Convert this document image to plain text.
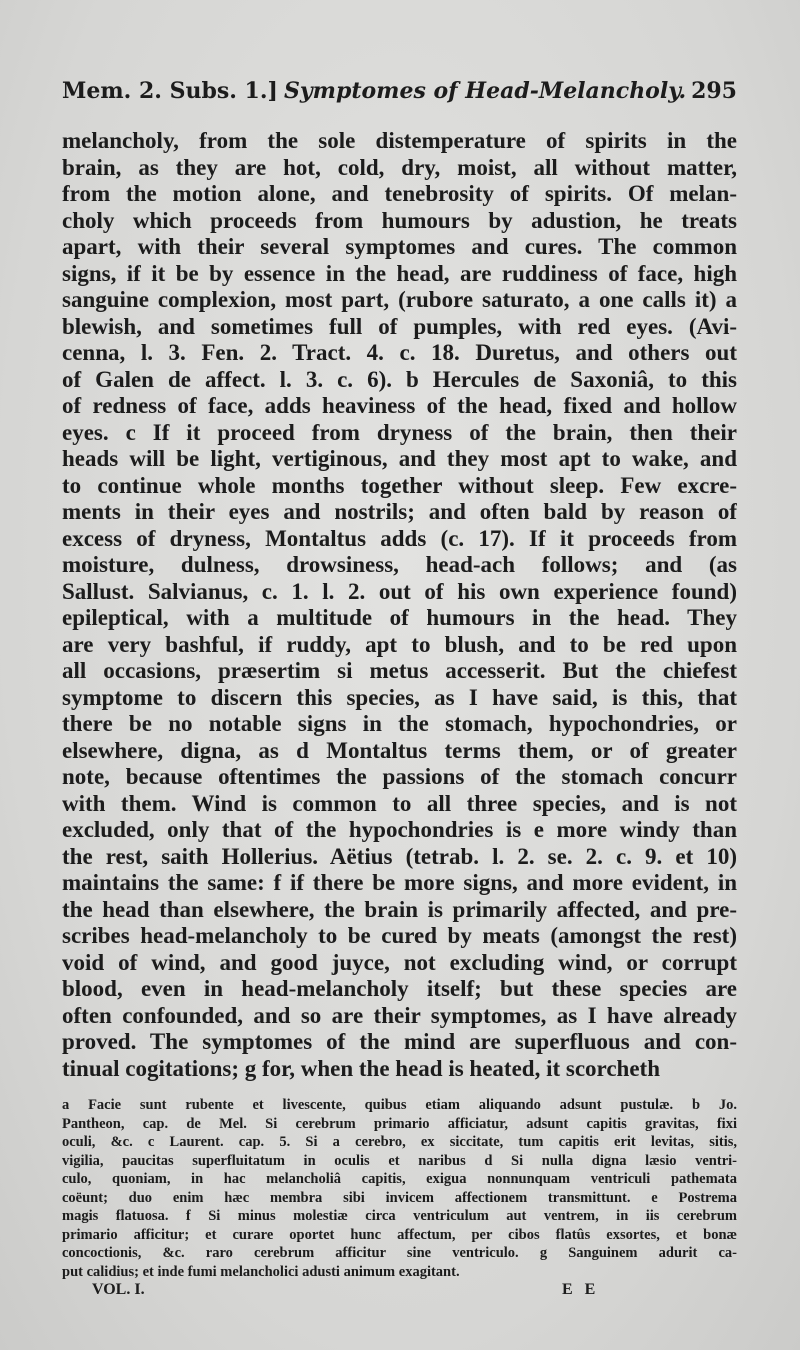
Mem. 2. Subs. 1.] Symptomes of Head-Melancholy. 295
melancholy, from the sole distemperature of spirits in the
brain, as they are hot, cold, dry, moist, all without matter,
from the motion alone, and tenebrosity of spirits. Of melan-
choly which proceeds from humours by adustion, he treats
apart, with their several symptomes and cures. The common
signs, if it be by essence in the head, are ruddiness of face, high
sanguine complexion, most part, (rubore saturato, a one calls it) a
blewish, and sometimes full of pumples, with red eyes. (Avi-
cenna, l. 3. Fen. 2. Tract. 4. c. 18. Duretus, and others out
of Galen de affect. l. 3. c. 6). b Hercules de Saxoniâ, to this
of redness of face, adds heaviness of the head, fixed and hollow
eyes. c If it proceed from dryness of the brain, then their
heads will be light, vertiginous, and they most apt to wake, and
to continue whole months together without sleep. Few excre-
ments in their eyes and nostrils; and often bald by reason of
excess of dryness, Montaltus adds (c. 17). If it proceeds from
moisture, dulness, drowsiness, head-ach follows; and (as
Sallust. Salvianus, c. 1. l. 2. out of his own experience found)
epileptical, with a multitude of humours in the head. They
are very bashful, if ruddy, apt to blush, and to be red upon
all occasions, præsertim si metus accesserit. But the chiefest
symptome to discern this species, as I have said, is this, that
there be no notable signs in the stomach, hypochondries, or
elsewhere, digna, as d Montaltus terms them, or of greater
note, because oftentimes the passions of the stomach concurr
with them. Wind is common to all three species, and is not
excluded, only that of the hypochondries is e more windy than
the rest, saith Hollerius. Aëtius (tetrab. l. 2. se. 2. c. 9. et 10)
maintains the same: f if there be more signs, and more evident, in
the head than elsewhere, the brain is primarily affected, and pre-
scribes head-melancholy to be cured by meats (amongst the rest)
void of wind, and good juyce, not excluding wind, or corrupt
blood, even in head-melancholy itself; but these species are
often confounded, and so are their symptomes, as I have already
proved. The symptomes of the mind are superfluous and con-
tinual cogitations; g for, when the head is heated, it scorcheth
a Facie sunt rubente et livescente, quibus etiam aliquando adsunt pustulæ. b Jo.
Pantheon, cap. de Mel. Si cerebrum primario afficiatur, adsunt capitis gravitas, fixi
oculi, &c. c Laurent. cap. 5. Si a cerebro, ex siccitate, tum capitis erit levitas, sitis,
vigilia, paucitas superfluitatum in oculis et naribus d Si nulla digna læsio ventri-
culo, quoniam, in hac melancholiâ capitis, exigua nonnunquam ventriculi pathemata
coëunt; duo enim hæc membra sibi invicem affectionem transmittunt. e Postrema
magis flatuosa. f Si minus molestiæ circa ventriculum aut ventrem, in iis cerebrum
primario afficitur; et curare oportet hunc affectum, per cibos flatûs exsortes, et bonæ
concoctionis, &c. raro cerebrum afficitur sine ventriculo. g Sanguinem adurit ca-
put calidius; et inde fumi melancholici adusti animum exagitant.
VOL. I.	E E
